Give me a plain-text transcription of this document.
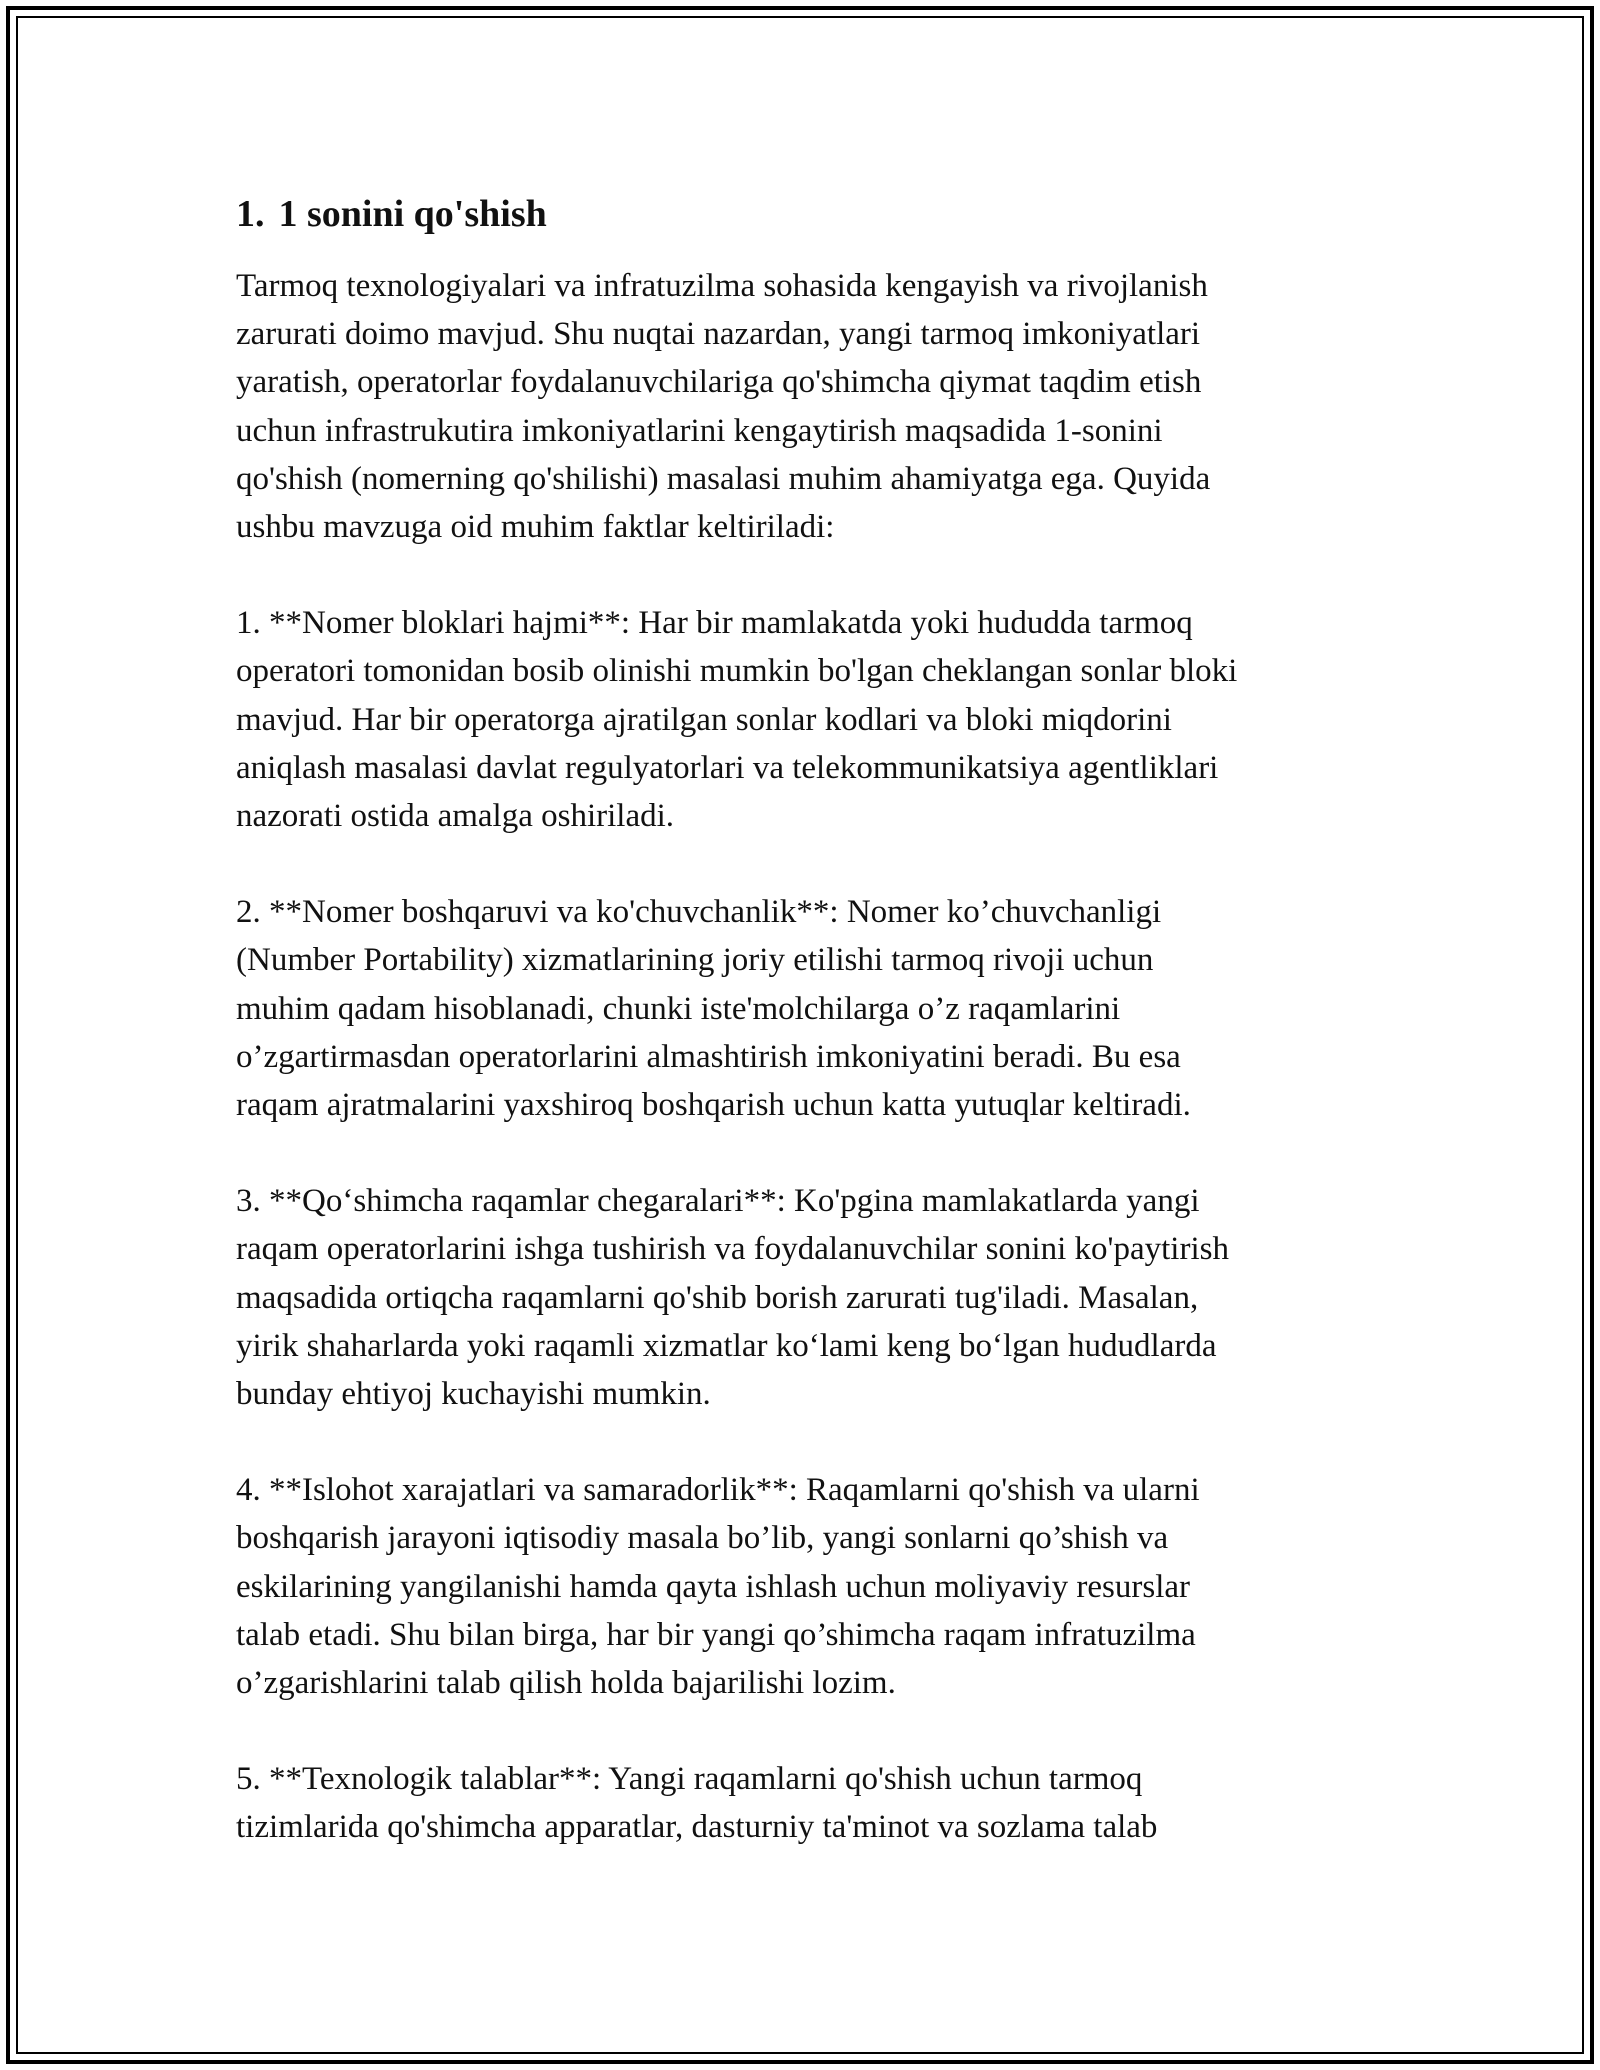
1. 1 sonini qo'shish

Tarmoq texnologiyalari va infratuzilma sohasida kengayish va rivojlanish
zarurati doimo mavjud. Shu nuqtai nazardan, yangi tarmoq imkoniyatlari
yaratish, operatorlar foydalanuvchilariga qo'shimcha qiymat taqdim etish
uchun infrastrukutira imkoniyatlarini kengaytirish maqsadida 1-sonini
qo'shish (nomerning qo'shilishi) masalasi muhim ahamiyatga ega. Quyida
ushbu mavzuga oid muhim faktlar keltiriladi:

1. **Nomer bloklari hajmi**: Har bir mamlakatda yoki hududda tarmoq
operatori tomonidan bosib olinishi mumkin bo'lgan cheklangan sonlar bloki
mavjud. Har bir operatorga ajratilgan sonlar kodlari va bloki miqdorini
aniqlash masalasi davlat regulyatorlari va telekommunikatsiya agentliklari
nazorati ostida amalga oshiriladi.

2. **Nomer boshqaruvi va ko'chuvchanlik**: Nomer ko’chuvchanligi
(Number Portability) xizmatlarining joriy etilishi tarmoq rivoji uchun
muhim qadam hisoblanadi, chunki iste'molchilarga o’z raqamlarini
o’zgartirmasdan operatorlarini almashtirish imkoniyatini beradi. Bu esa
raqam ajratmalarini yaxshiroq boshqarish uchun katta yutuqlar keltiradi.

3. **Qo‘shimcha raqamlar chegaralari**: Ko'pgina mamlakatlarda yangi
raqam operatorlarini ishga tushirish va foydalanuvchilar sonini ko'paytirish
maqsadida ortiqcha raqamlarni qo'shib borish zarurati tug'iladi. Masalan,
yirik shaharlarda yoki raqamli xizmatlar ko‘lami keng bo‘lgan hududlarda
bunday ehtiyoj kuchayishi mumkin.

4. **Islohot xarajatlari va samaradorlik**: Raqamlarni qo'shish va ularni
boshqarish jarayoni iqtisodiy masala bo’lib, yangi sonlarni qo’shish va
eskilarining yangilanishi hamda qayta ishlash uchun moliyaviy resurslar
talab etadi. Shu bilan birga, har bir yangi qo’shimcha raqam infratuzilma
o’zgarishlarini talab qilish holda bajarilishi lozim.

5. **Texnologik talablar**: Yangi raqamlarni qo'shish uchun tarmoq
tizimlarida qo'shimcha apparatlar, dasturniy ta'minot va sozlama talab
